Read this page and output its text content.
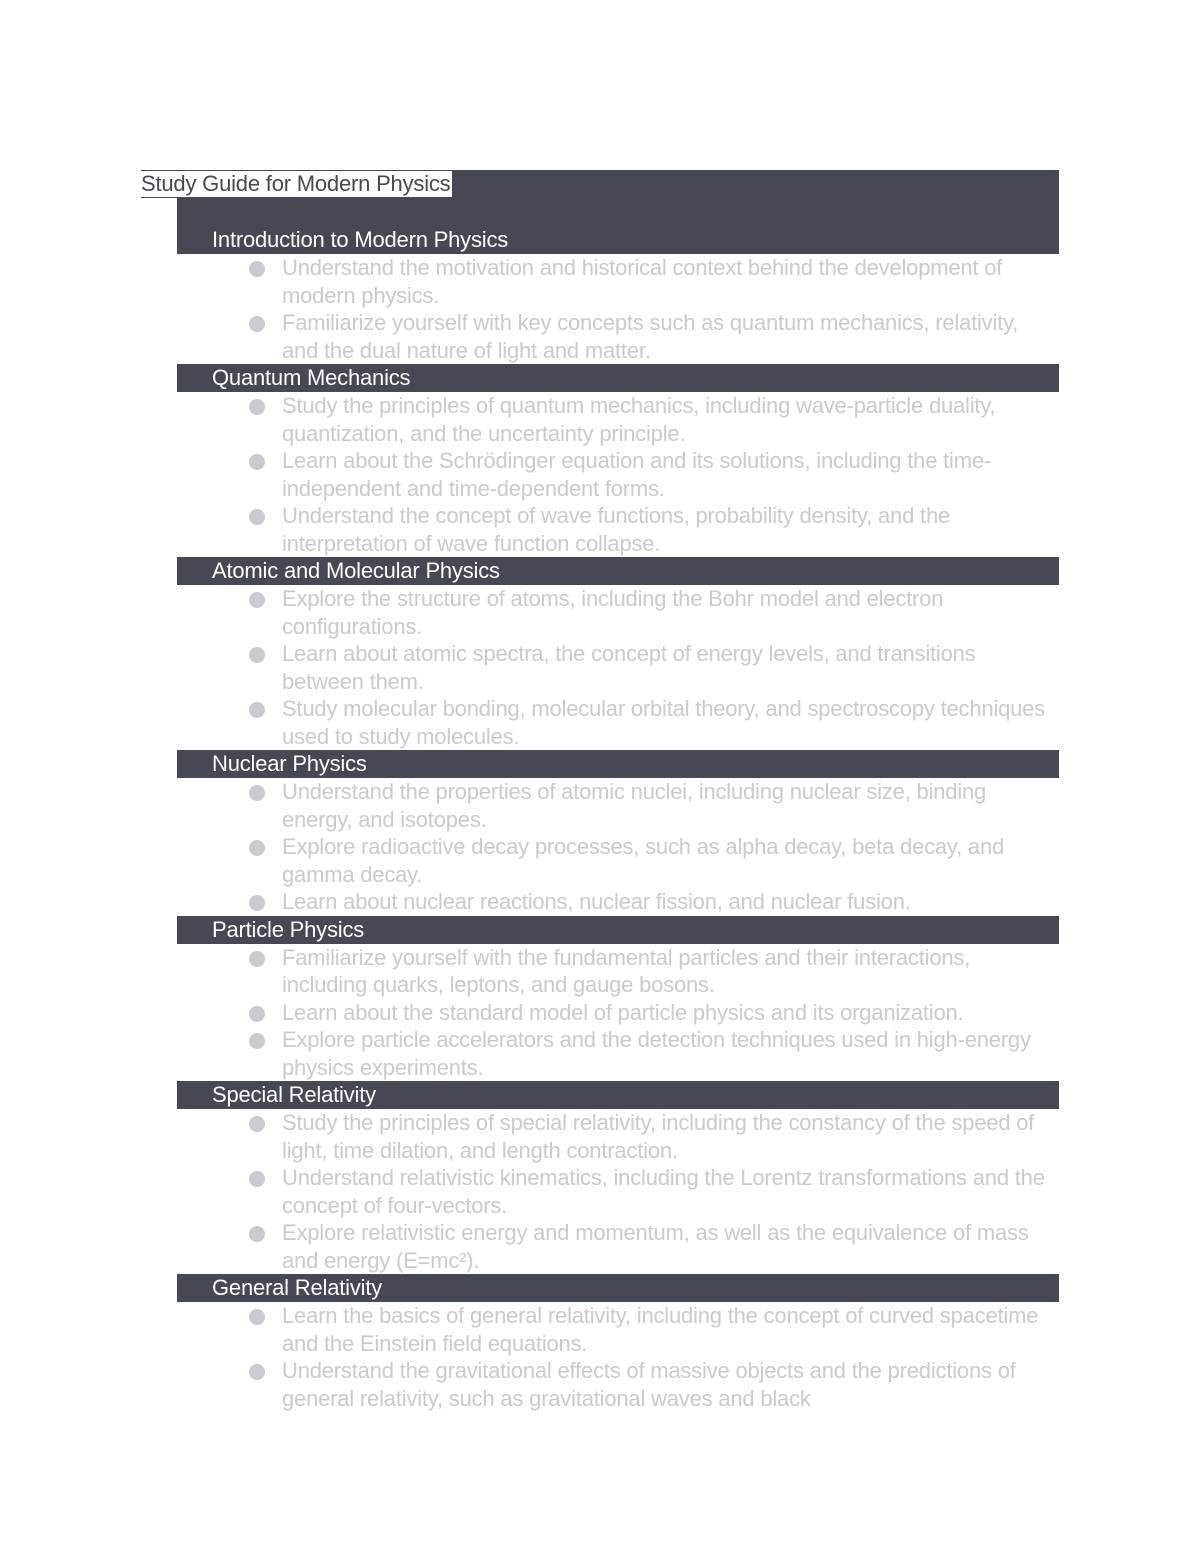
Study Guide for Modern Physics
Introduction to Modern Physics
Understand the motivation and historical context behind the development of modern physics.
Familiarize yourself with key concepts such as quantum mechanics, relativity, and the dual nature of light and matter.
Quantum Mechanics
Study the principles of quantum mechanics, including wave-particle duality, quantization, and the uncertainty principle.
Learn about the Schrödinger equation and its solutions, including the time-independent and time-dependent forms.
Understand the concept of wave functions, probability density, and the interpretation of wave function collapse.
Atomic and Molecular Physics
Explore the structure of atoms, including the Bohr model and electron configurations.
Learn about atomic spectra, the concept of energy levels, and transitions between them.
Study molecular bonding, molecular orbital theory, and spectroscopy techniques used to study molecules.
Nuclear Physics
Understand the properties of atomic nuclei, including nuclear size, binding energy, and isotopes.
Explore radioactive decay processes, such as alpha decay, beta decay, and gamma decay.
Learn about nuclear reactions, nuclear fission, and nuclear fusion.
Particle Physics
Familiarize yourself with the fundamental particles and their interactions, including quarks, leptons, and gauge bosons.
Learn about the standard model of particle physics and its organization.
Explore particle accelerators and the detection techniques used in high-energy physics experiments.
Special Relativity
Study the principles of special relativity, including the constancy of the speed of light, time dilation, and length contraction.
Understand relativistic kinematics, including the Lorentz transformations and the concept of four-vectors.
Explore relativistic energy and momentum, as well as the equivalence of mass and energy (E=mc²).
General Relativity
Learn the basics of general relativity, including the concept of curved spacetime and the Einstein field equations.
Understand the gravitational effects of massive objects and the predictions of general relativity, such as gravitational waves and black
